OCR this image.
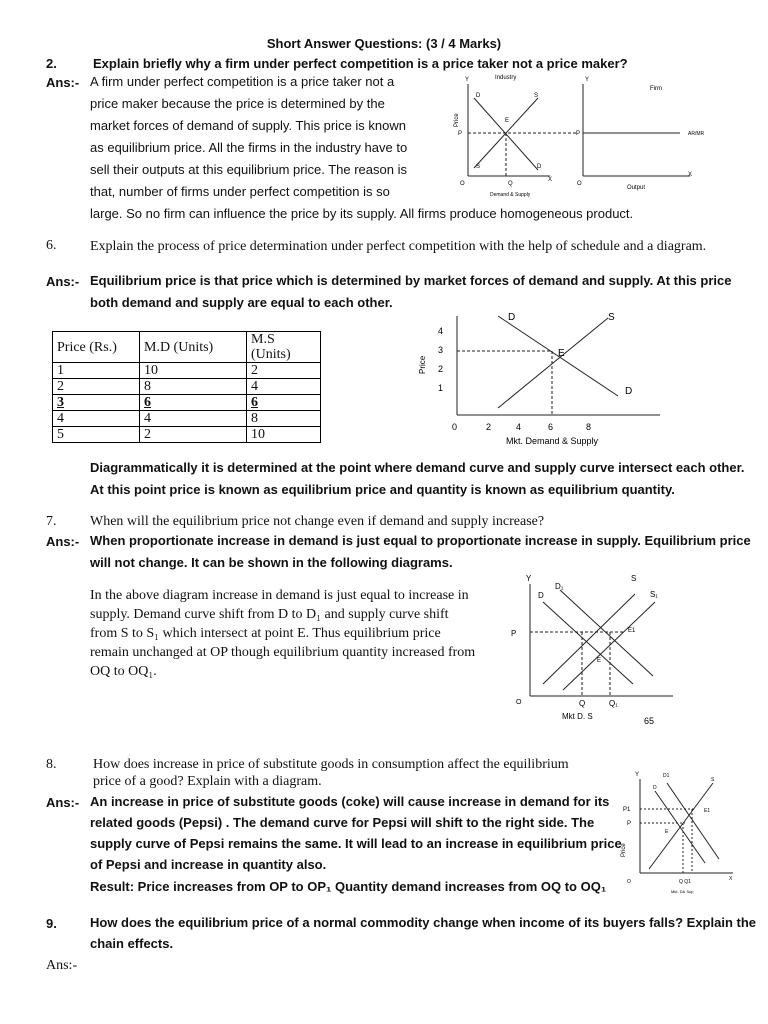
Short Answer Questions: (3 / 4 Marks)
2.	Explain briefly why a firm under perfect competition is a price taker not a price maker?
Ans:- A firm under perfect competition is a price taker not a
price maker because the price is determined by the
market forces of demand of supply. This price is known
as equilibrium price. All the firms in the industry have to
sell their outputs at this equilibrium price. The reason is
that, number of firms under perfect competition is so
large. So no firm can influence the price by its supply. All firms produce homogeneous product.
Y	Industry	Y
Firm
Price
P	P
D	S
E
S	D
X
O	Q
Demand & Supply
O
Output
X
AR/MR
6. Explain the process of price determination under perfect competition with the help of schedule and a diagram.
Ans:- Equilibrium price is that price which is determined by market forces of demand and supply. At this price
both demand and supply are equal to each other.
Price (Rs.)	M.D (Units)	M.S (Units)
1	10	2
2	8	4
3	6	6
4	4	8
5	2	10
4
3
2
1
Price
D	S
E
D
0	2	4	6	8
Mkt. Demand & Supply
Diagrammatically it is determined at the point where demand curve and supply curve intersect each other.
At this point price is known as equilibrium price and quantity is known as equilibrium quantity.
7. When will the equilibrium price not change even if demand and supply increase?
Ans:- When proportionate increase in demand is just equal to proportionate increase in supply. Equilibrium price
will not change. It can be shown in the following diagrams.
In the above diagram increase in demand is just equal to increase in
supply. Demand curve shift from D to D₁ and supply curve shift
from S to S₁ which intersect at point E. Thus equilibrium price
remain unchanged at OP though equilibrium quantity increased from
OQ to OQ₁.
Y
D₁
D
S
S₁
P	E1
E
O	Q	Q₁
Mkt D. S	65
8.	How does increase in price of substitute goods in consumption affect the equilibrium
price of a good? Explain with a diagram.
Ans:- An increase in price of substitute goods (coke) will cause increase in demand for its
related goods (Pepsi) . The demand curve for Pepsi will shift to the right side. The
supply curve of Pepsi remains the same. It will lead to an increase in equilibrium price
of Pepsi and increase in quantity also.
Result: Price increases from OP to OP₁ Quantity demand increases from OQ to OQ₁
Y	D1
D
S
P1
P
E1
E
Price
O	Q Q1	X
Mkt. D& Sup
9.	How does the equilibrium price of a normal commodity change when income of its buyers falls? Explain the
chain effects.
Ans:-
